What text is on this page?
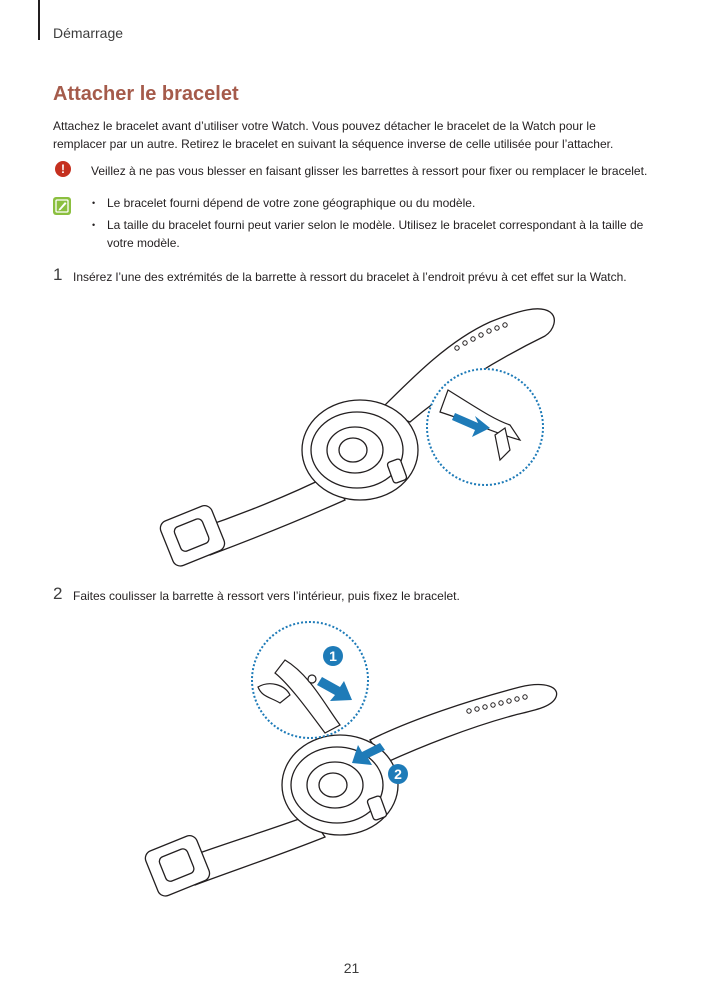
Démarrage
Attacher le bracelet

Attachez le bracelet avant d’utiliser votre Watch. Vous pouvez détacher le bracelet de la Watch pour le remplacer par un autre. Retirez le bracelet en suivant la séquence inverse de celle utilisée pour l’attacher.

!	Veillez à ne pas vous blesser en faisant glisser les barrettes à ressort pour fixer ou remplacer le bracelet.
• Le bracelet fourni dépend de votre zone géographique ou du modèle.
• La taille du bracelet fourni peut varier selon le modèle. Utilisez le bracelet correspondant à la taille de votre modèle.
1 Insérez l’une des extrémités de la barrette à ressort du bracelet à l’endroit prévu à cet effet sur la Watch.
2 Faites coulisser la barrette à ressort vers l’intérieur, puis fixez le bracelet.
1
2
21
